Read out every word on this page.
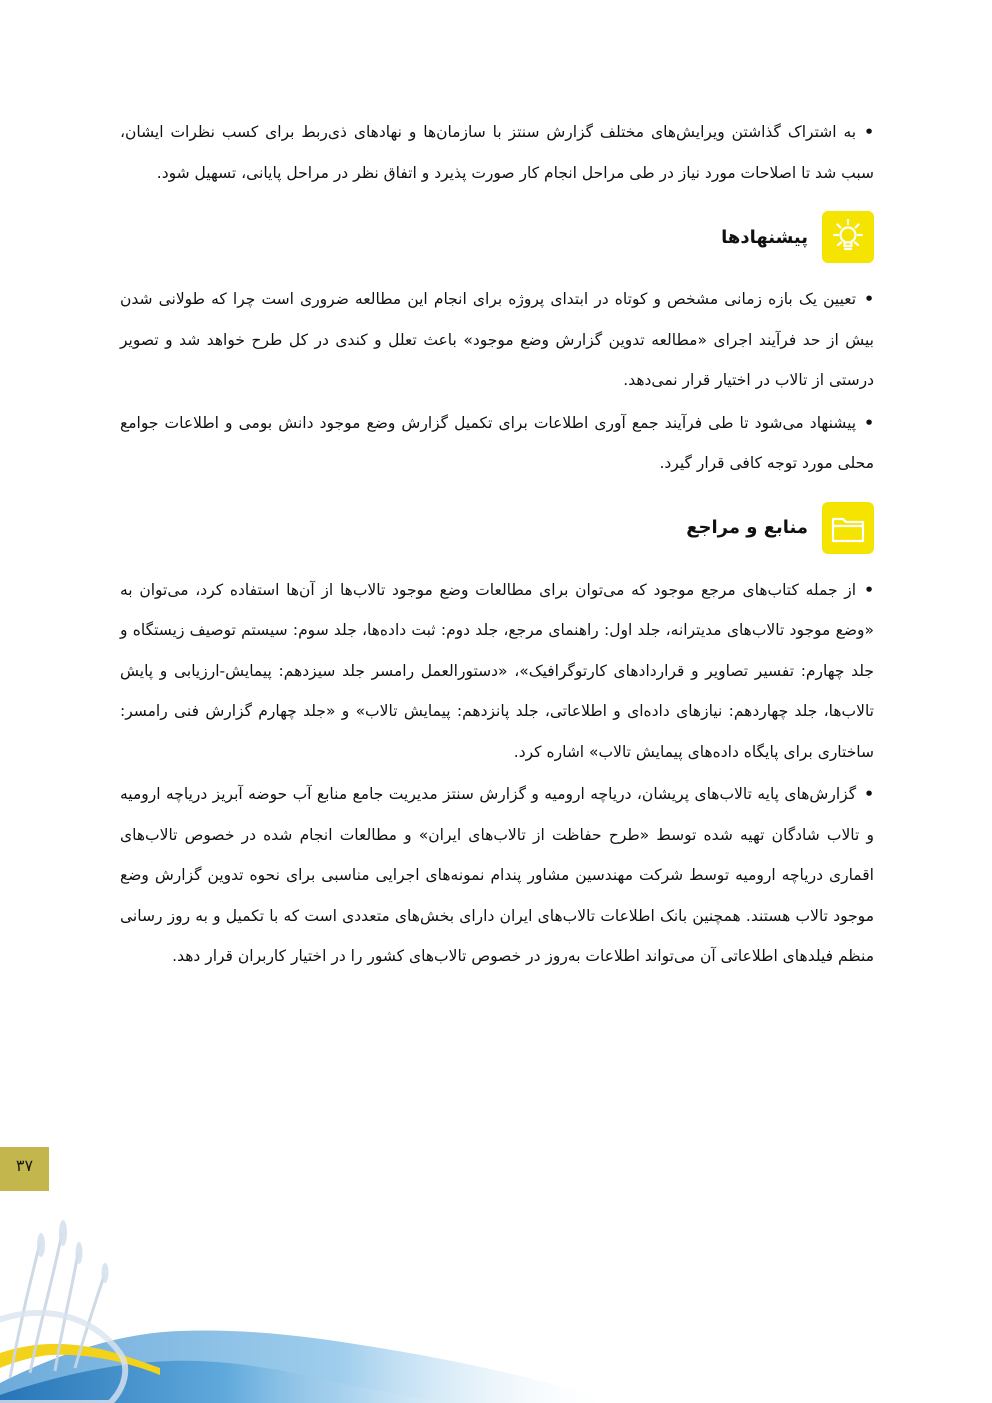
•به اشتراک گذاشتن ویرایش‌های مختلف گزارش سنتز با سازمان‌ها و نهادهای ذی‌ربط برای کسب نظرات ایشان، سبب شد تا اصلاحات مورد نیاز در طی مراحل انجام کار صورت پذیرد و اتفاق نظر در مراحل پایانی، تسهیل شود.

پیشنهادها

•تعیین یک بازه زمانی مشخص و کوتاه در ابتدای پروژه برای انجام این مطالعه ضروری است چرا که طولانی شدن بیش از حد فرآیند اجرای «مطالعه تدوین گزارش وضع موجود» باعث تعلل و کندی در کل طرح خواهد شد و تصویر درستی از تالاب در اختیار قرار نمی‌دهد.

•پیشنهاد می‌شود تا طی فرآیند جمع آوری اطلاعات برای تکمیل گزارش وضع موجود دانش بومی و اطلاعات جوامع محلی مورد توجه کافی قرار گیرد.

منابع و مراجع

•از جمله کتاب‌های مرجع موجود که می‌توان برای مطالعات وضع موجود تالاب‌ها از آن‌ها استفاده کرد، می‌توان به «وضع موجود تالاب‌های مدیترانه، جلد اول: راهنمای مرجع، جلد دوم: ثبت داده‌ها، جلد سوم: سیستم توصیف زیستگاه و جلد چهارم: تفسیر تصاویر و قراردادهای کارتوگرافیک»، «دستورالعمل رامسر جلد سیزدهم: پیمایش-ارزیابی و پایش تالاب‌ها، جلد چهاردهم: نیازهای داده‌ای و اطلاعاتی، جلد پانزدهم: پیمایش تالاب» و «جلد چهارم گزارش فنی رامسر: ساختاری برای پایگاه داده‌های پیمایش تالاب» اشاره کرد.

•گزارش‌های پایه تالاب‌های پریشان، دریاچه ارومیه و گزارش سنتز مدیریت جامع منابع آب حوضه آبریز دریاچه ارومیه و تالاب شادگان تهیه شده توسط «طرح حفاظت از تالاب‌های ایران» و مطالعات انجام شده در خصوص تالاب‌های اقماری دریاچه ارومیه توسط شرکت مهندسین مشاور پندام نمونه‌های اجرایی مناسبی برای نحوه تدوین گزارش وضع موجود تالاب هستند. همچنین بانک اطلاعات تالاب‌های ایران دارای بخش‌های متعددی است که با تکمیل و به روز رسانی منظم فیلدهای اطلاعاتی آن می‌تواند اطلاعات به‌روز در خصوص تالاب‌های کشور را در اختیار کاربران قرار دهد.

۳۷
